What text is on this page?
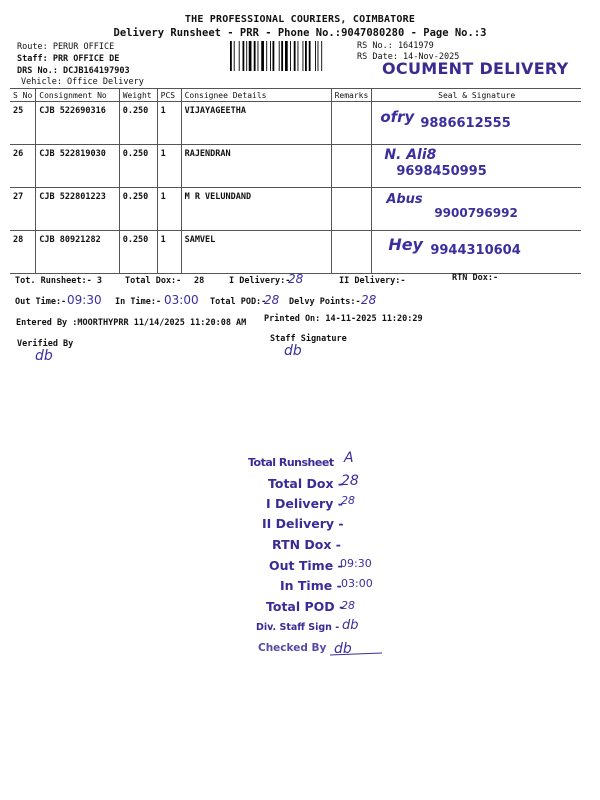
THE PROFESSIONAL COURIERS, COIMBATORE
Delivery Runsheet - PRR - Phone No.:9047080280 - Page No.:3
Route: PERUR OFFICE
Staff: PRR OFFICE DE
DRS No.: DCJB164197903
Vehicle: Office Delivery
RS No.: 1641979
RS Date: 14-Nov-2025
OCUMENT DELIVERY
S No	Consignment No	Weight	PCS	Consignee Details	Remarks	Seal & Signature
25	CJB 522690316	0.250	1	VIJAYAGEETHA		ofry 9886612555

26	CJB 522819030	0.250	1	RAJENDRAN		N. Ali8
9698450995

27	CJB 522801223	0.250	1	M R VELUNDAND		Abus
9900796992

28	CJB 80921282	0.250	1	SAMVEL		Hey 9944310604
Tot. Runsheet:- 3	Total Dox:- 28	I Delivery:-
28	II Delivery:-	RTN Dox:-
Out Time:- 09:30 In Time:- 03:00 Total POD:-
28 Delvy Points:- 28
Entered By :MOORTHYPRR 11/14/2025 11:20:08 AM Printed On: 14-11-2025 11:20:29
Verified By
db
Staff Signature
db
Total Runsheet A
Total Dox -
28
I Delivery -
28
II Delivery -
RTN Dox -
Out Time -
09:30
In Time - 03:00
Total POD -
28
Div. Staff Sign - db
Checked By db
